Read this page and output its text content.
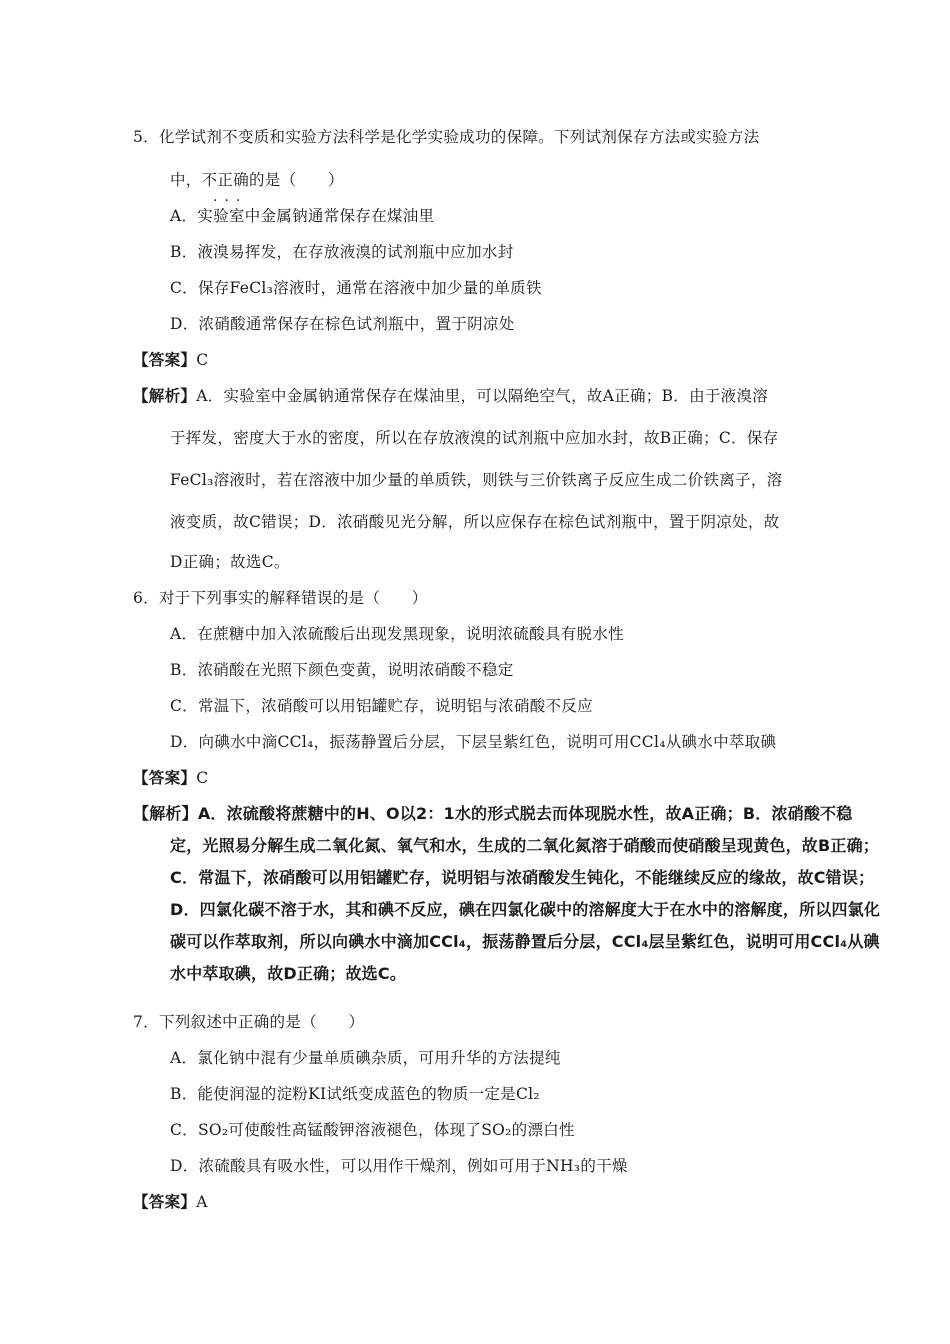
5．化学试剂不变质和实验方法科学是化学实验成功的保障。下列试剂保存方法或实验方法
中，不正确的是（　　）
···
A．实验室中金属钠通常保存在煤油里
B．液溴易挥发，在存放液溴的试剂瓶中应加水封
C．保存FeCl₃溶液时，通常在溶液中加少量的单质铁
D．浓硝酸通常保存在棕色试剂瓶中，置于阴凉处
【答案】C
【解析】A．实验室中金属钠通常保存在煤油里，可以隔绝空气，故A正确；B．由于液溴溶
于挥发，密度大于水的密度，所以在存放液溴的试剂瓶中应加水封，故B正确；C．保存
FeCl₃溶液时，若在溶液中加少量的单质铁，则铁与三价铁离子反应生成二价铁离子，溶
液变质，故C错误；D．浓硝酸见光分解，所以应保存在棕色试剂瓶中，置于阴凉处，故
D正确；故选C。
6．对于下列事实的解释错误的是（　　）
A．在蔗糖中加入浓硫酸后出现发黑现象，说明浓硫酸具有脱水性
B．浓硝酸在光照下颜色变黄，说明浓硝酸不稳定
C．常温下，浓硝酸可以用铝罐贮存，说明铝与浓硝酸不反应
D．向碘水中滴CCl₄，振荡静置后分层，下层呈紫红色，说明可用CCl₄从碘水中萃取碘
【答案】C
【解析】A．浓硫酸将蔗糖中的H、O以2：1水的形式脱去而体现脱水性，故A正确；B．浓硝酸不稳
定，光照易分解生成二氧化氮、氧气和水，生成的二氧化氮溶于硝酸而使硝酸呈现黄色，故B正确；
C．常温下，浓硝酸可以用铝罐贮存，说明铝与浓硝酸发生钝化，不能继续反应的缘故，故C错误；
D．四氯化碳不溶于水，其和碘不反应，碘在四氯化碳中的溶解度大于在水中的溶解度，所以四氯化
碳可以作萃取剂，所以向碘水中滴加CCl₄，振荡静置后分层，CCl₄层呈紫红色，说明可用CCl₄从碘
水中萃取碘，故D正确；故选C。
7．下列叙述中正确的是（　　）
A．氯化钠中混有少量单质碘杂质，可用升华的方法提纯
B．能使润湿的淀粉KI试纸变成蓝色的物质一定是Cl₂
C．SO₂可使酸性高锰酸钾溶液褪色，体现了SO₂的漂白性
D．浓硫酸具有吸水性，可以用作干燥剂，例如可用于NH₃的干燥
【答案】A
